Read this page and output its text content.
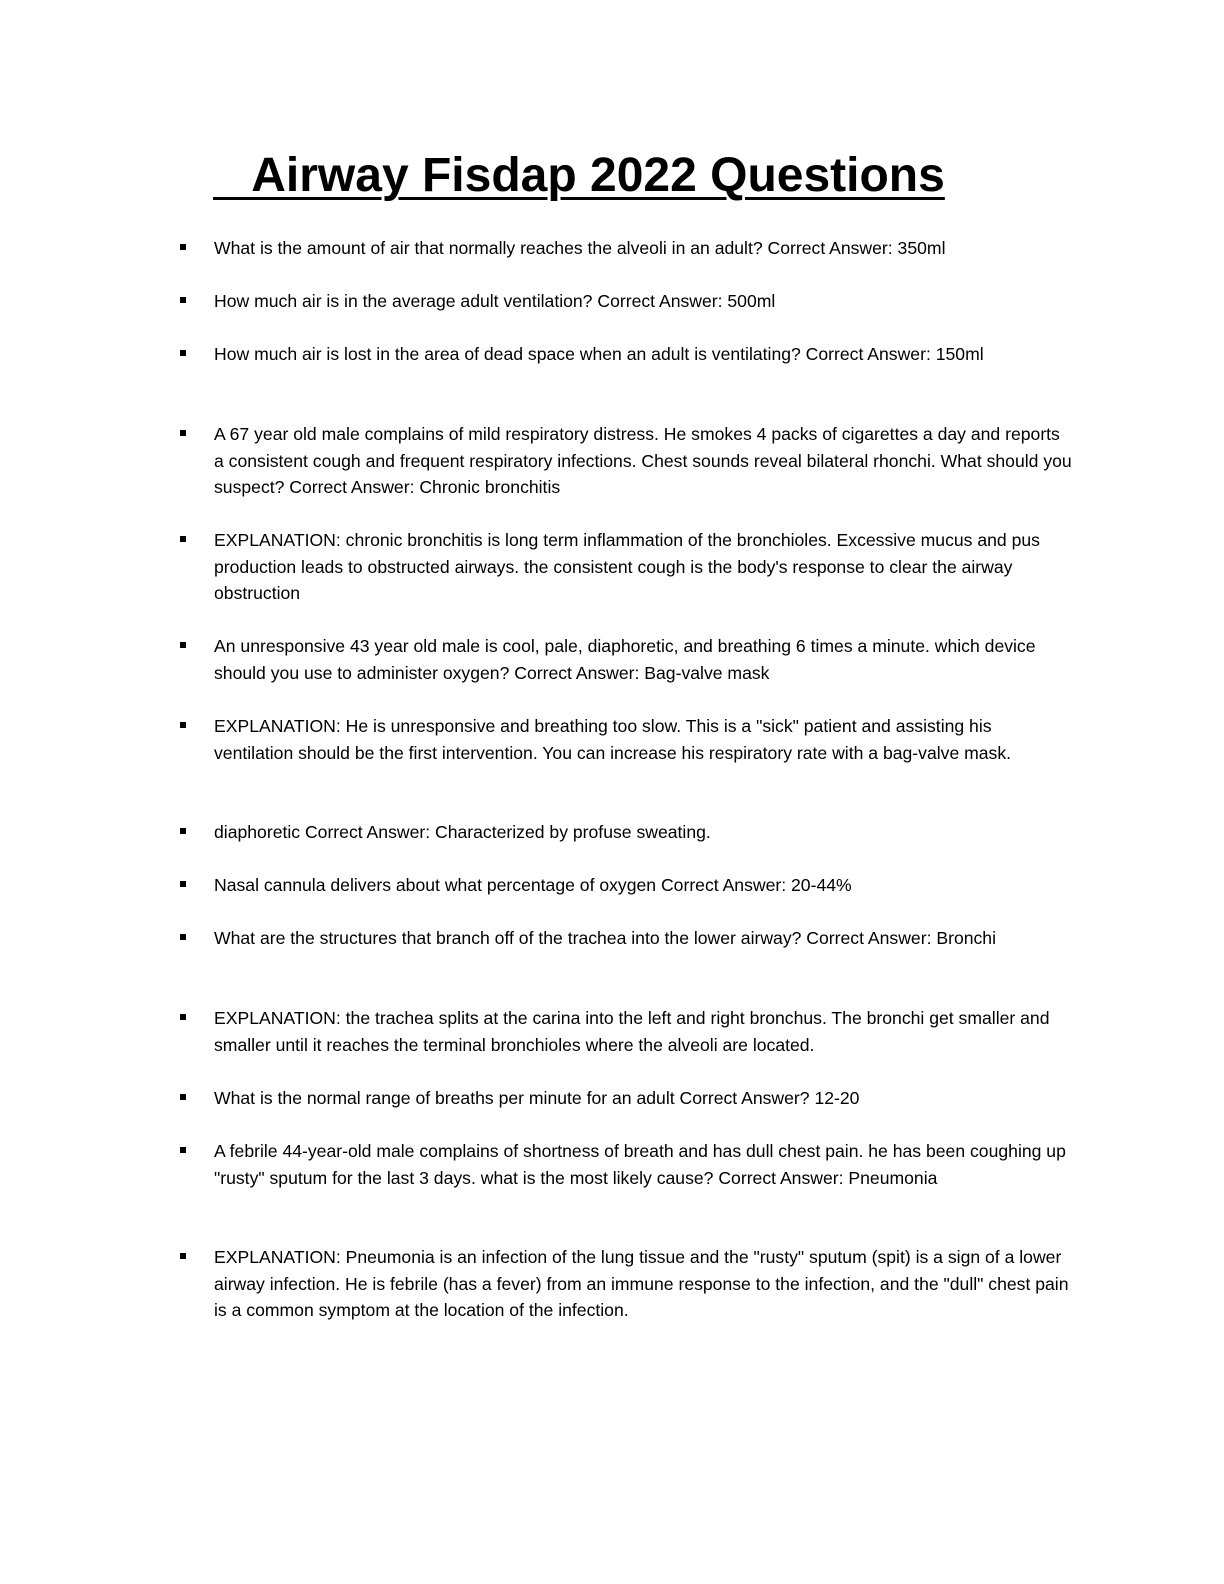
Airway Fisdap 2022 Questions
What is the amount of air that normally reaches the alveoli in an adult? Correct Answer: 350ml
How much air is in the average adult ventilation? Correct Answer: 500ml
How much air is lost in the area of dead space when an adult is ventilating? Correct Answer: 150ml
A 67 year old male complains of mild respiratory distress. He smokes 4 packs of cigarettes a day and reports a consistent cough and frequent respiratory infections. Chest sounds reveal bilateral rhonchi. What should you suspect? Correct Answer: Chronic bronchitis
EXPLANATION: chronic bronchitis is long term inflammation of the bronchioles. Excessive mucus and pus production leads to obstructed airways. the consistent cough is the body's response to clear the airway obstruction
An unresponsive 43 year old male is cool, pale, diaphoretic, and breathing 6 times a minute. which device should you use to administer oxygen? Correct Answer: Bag-valve mask
EXPLANATION: He is unresponsive and breathing too slow. This is a "sick" patient and assisting his ventilation should be the first intervention. You can increase his respiratory rate with a bag-valve mask.
diaphoretic Correct Answer: Characterized by profuse sweating.
Nasal cannula delivers about what percentage of oxygen Correct Answer: 20-44%
What are the structures that branch off of the trachea into the lower airway? Correct Answer: Bronchi
EXPLANATION: the trachea splits at the carina into the left and right bronchus. The bronchi get smaller and smaller until it reaches the terminal bronchioles where the alveoli are located.
What is the normal range of breaths per minute for an adult Correct Answer? 12-20
A febrile 44-year-old male complains of shortness of breath and has dull chest pain. he has been coughing up "rusty" sputum for the last 3 days. what is the most likely cause? Correct Answer: Pneumonia
EXPLANATION: Pneumonia is an infection of the lung tissue and the "rusty" sputum (spit) is a sign of a lower airway infection. He is febrile (has a fever) from an immune response to the infection, and the "dull" chest pain is a common symptom at the location of the infection.
